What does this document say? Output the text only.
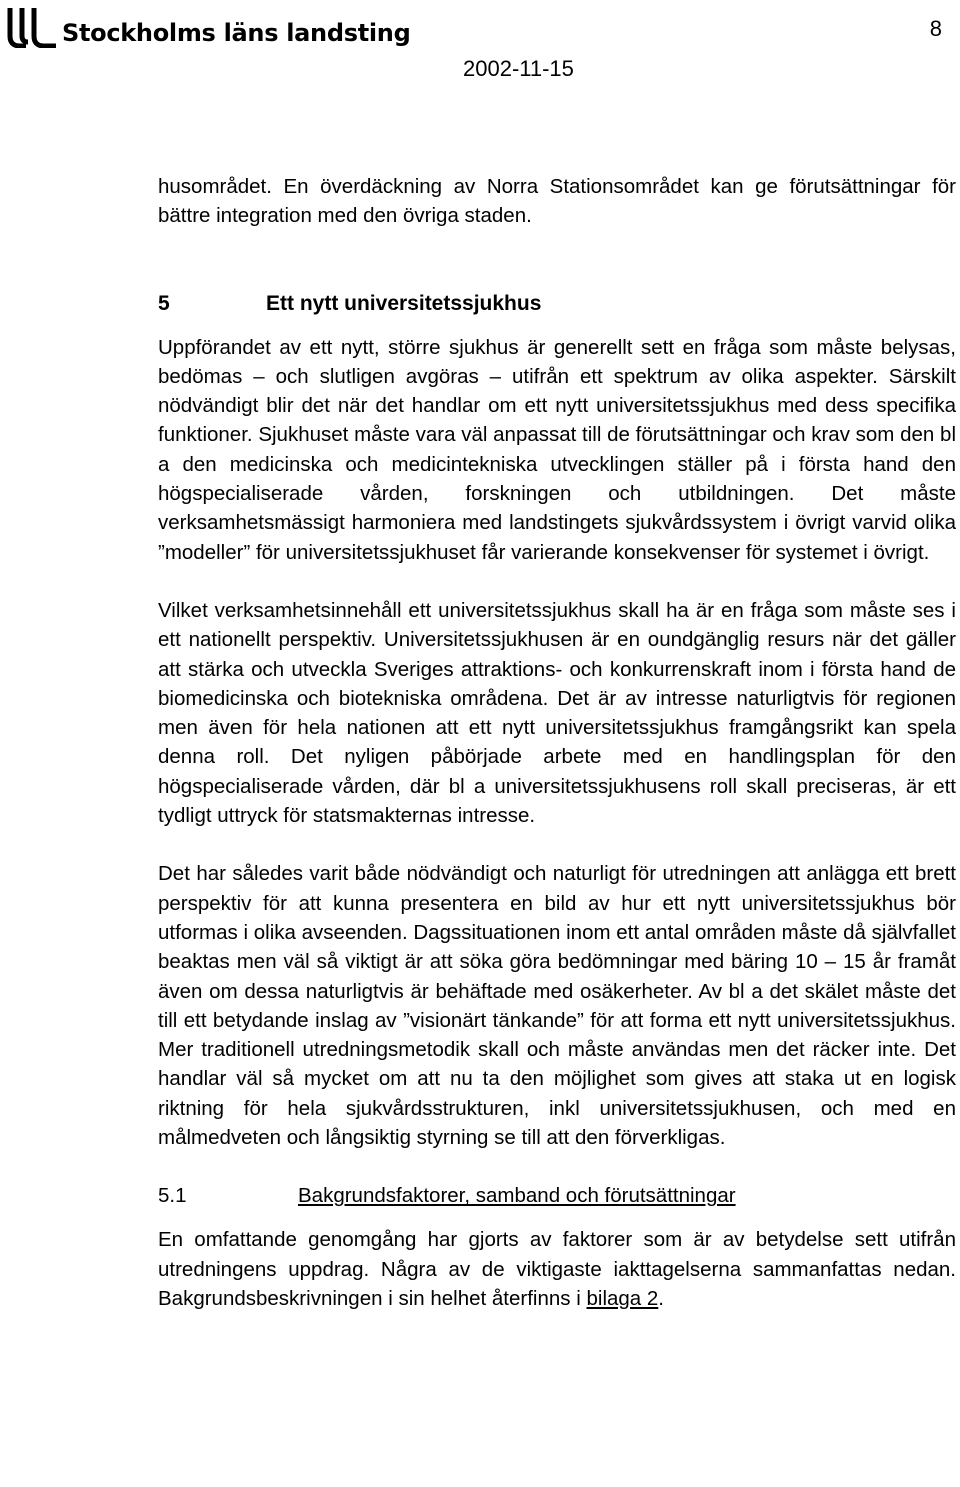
Stockholms läns landsting	8
2002-11-15

husområdet. En överdäckning av Norra Stationsområdet kan ge förutsättningar för bättre integration med den övriga staden.

5	Ett nytt universitetssjukhus

Uppförandet av ett nytt, större sjukhus är generellt sett en fråga som måste belysas, bedömas – och slutligen avgöras – utifrån ett spektrum av olika aspekter. Särskilt nödvändigt blir det när det handlar om ett nytt universitetssjukhus med dess specifika funktioner. Sjukhuset måste vara väl anpassat till de förutsättningar och krav som den bl a den medicinska och medicintekniska utvecklingen ställer på i första hand den högspecialiserade vården, forskningen och utbildningen. Det måste verksamhetsmässigt harmoniera med landstingets sjukvårdssystem i övrigt varvid olika ”modeller” för universitetssjukhuset får varierande konsekvenser för systemet i övrigt.

Vilket verksamhetsinnehåll ett universitetssjukhus skall ha är en fråga som måste ses i ett nationellt perspektiv. Universitetssjukhusen är en oundgänglig resurs när det gäller att stärka och utveckla Sveriges attraktions- och konkurrenskraft inom i första hand de biomedicinska och biotekniska områdena. Det är av intresse naturligtvis för regionen men även för hela nationen att ett nytt universitetssjukhus framgångsrikt kan spela denna roll. Det nyligen påbörjade arbete med en handlingsplan för den högspecialiserade vården, där bl a universitetssjukhusens roll skall preciseras, är ett tydligt uttryck för statsmakternas intresse.

Det har således varit både nödvändigt och naturligt för utredningen att anlägga ett brett perspektiv för att kunna presentera en bild av hur ett nytt universitetssjukhus bör utformas i olika avseenden. Dagssituationen inom ett antal områden måste då självfallet beaktas men väl så viktigt är att söka göra bedömningar med bäring 10 – 15 år framåt även om dessa naturligtvis är behäftade med osäkerheter. Av bl a det skälet måste det till ett betydande inslag av ”visionärt tänkande” för att forma ett nytt universitetssjukhus. Mer traditionell utredningsmetodik skall och måste användas men det räcker inte. Det handlar väl så mycket om att nu ta den möjlighet som gives att staka ut en logisk riktning för hela sjukvårdsstrukturen, inkl universitetssjukhusen, och med en målmedveten och långsiktig styrning se till att den förverkligas.

5.1	Bakgrundsfaktorer, samband och förutsättningar

En omfattande genomgång har gjorts av faktorer som är av betydelse sett utifrån utredningens uppdrag. Några av de viktigaste iakttagelserna sammanfattas nedan. Bakgrundsbeskrivningen i sin helhet återfinns i bilaga 2.
